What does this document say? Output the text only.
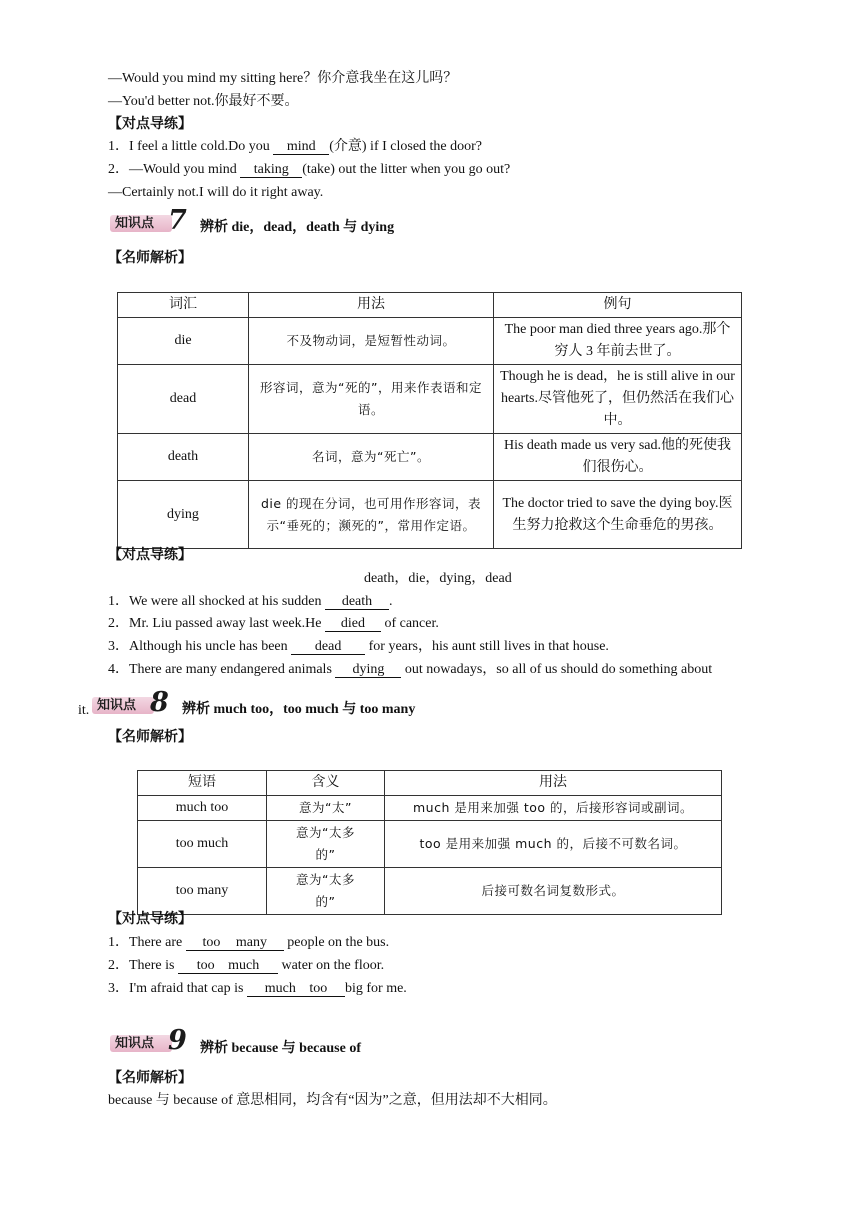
—Would you mind my sitting here？你介意我坐在这儿吗？
—You'd better not.你最好不要。
【对点导练】
1．I feel a little cold.Do you mind (介意) if I closed the door?
2．—Would you mind taking (take) out the litter when you go out?
—Certainly not.I will do it right away.
知识点 7 辨析 die，dead，death 与 dying
【名师解析】
词汇	用法	例句
die	不及物动词，是短暂性动词。	The poor man died three years ago.那个穷人 3 年前去世了。
dead	形容词，意为“死的”，用来作表语和定语。	Though he is dead，he is still alive in our hearts.尽管他死了，但仍然活在我们心中。
death	名词，意为“死亡”。	His death made us very sad.他的死使我们很伤心。
dying	die 的现在分词，也可用作形容词，表示“垂死的；濒死的”，常用作定语。	The doctor tried to save the dying boy.医生努力抢救这个生命垂危的男孩。
【对点导练】
death，die，dying，dead
1．We were all shocked at his sudden death .
2．Mr. Liu passed away last week.He died of cancer.
3．Although his uncle has been dead for years，his aunt still lives in that house.
4．There are many endangered animals dying out nowadays，so all of us should do something about
it. 知识点 8 辨析 much too，too much 与 too many
【名师解析】
短语	含义	用法
much too	意为“太”	much 是用来加强 too 的，后接形容词或副词。
too much	意为“太多的”	too 是用来加强 much 的，后接不可数名词。
too many	意为“太多的”	后接可数名词复数形式。
【对点导练】
1．There are too many people on the bus.
2．There is too much water on the floor.
3．I'm afraid that cap is much too big for me.
知识点 9 辨析 because 与 because of
【名师解析】
because 与 because of 意思相同，均含有“因为”之意，但用法却不大相同。
